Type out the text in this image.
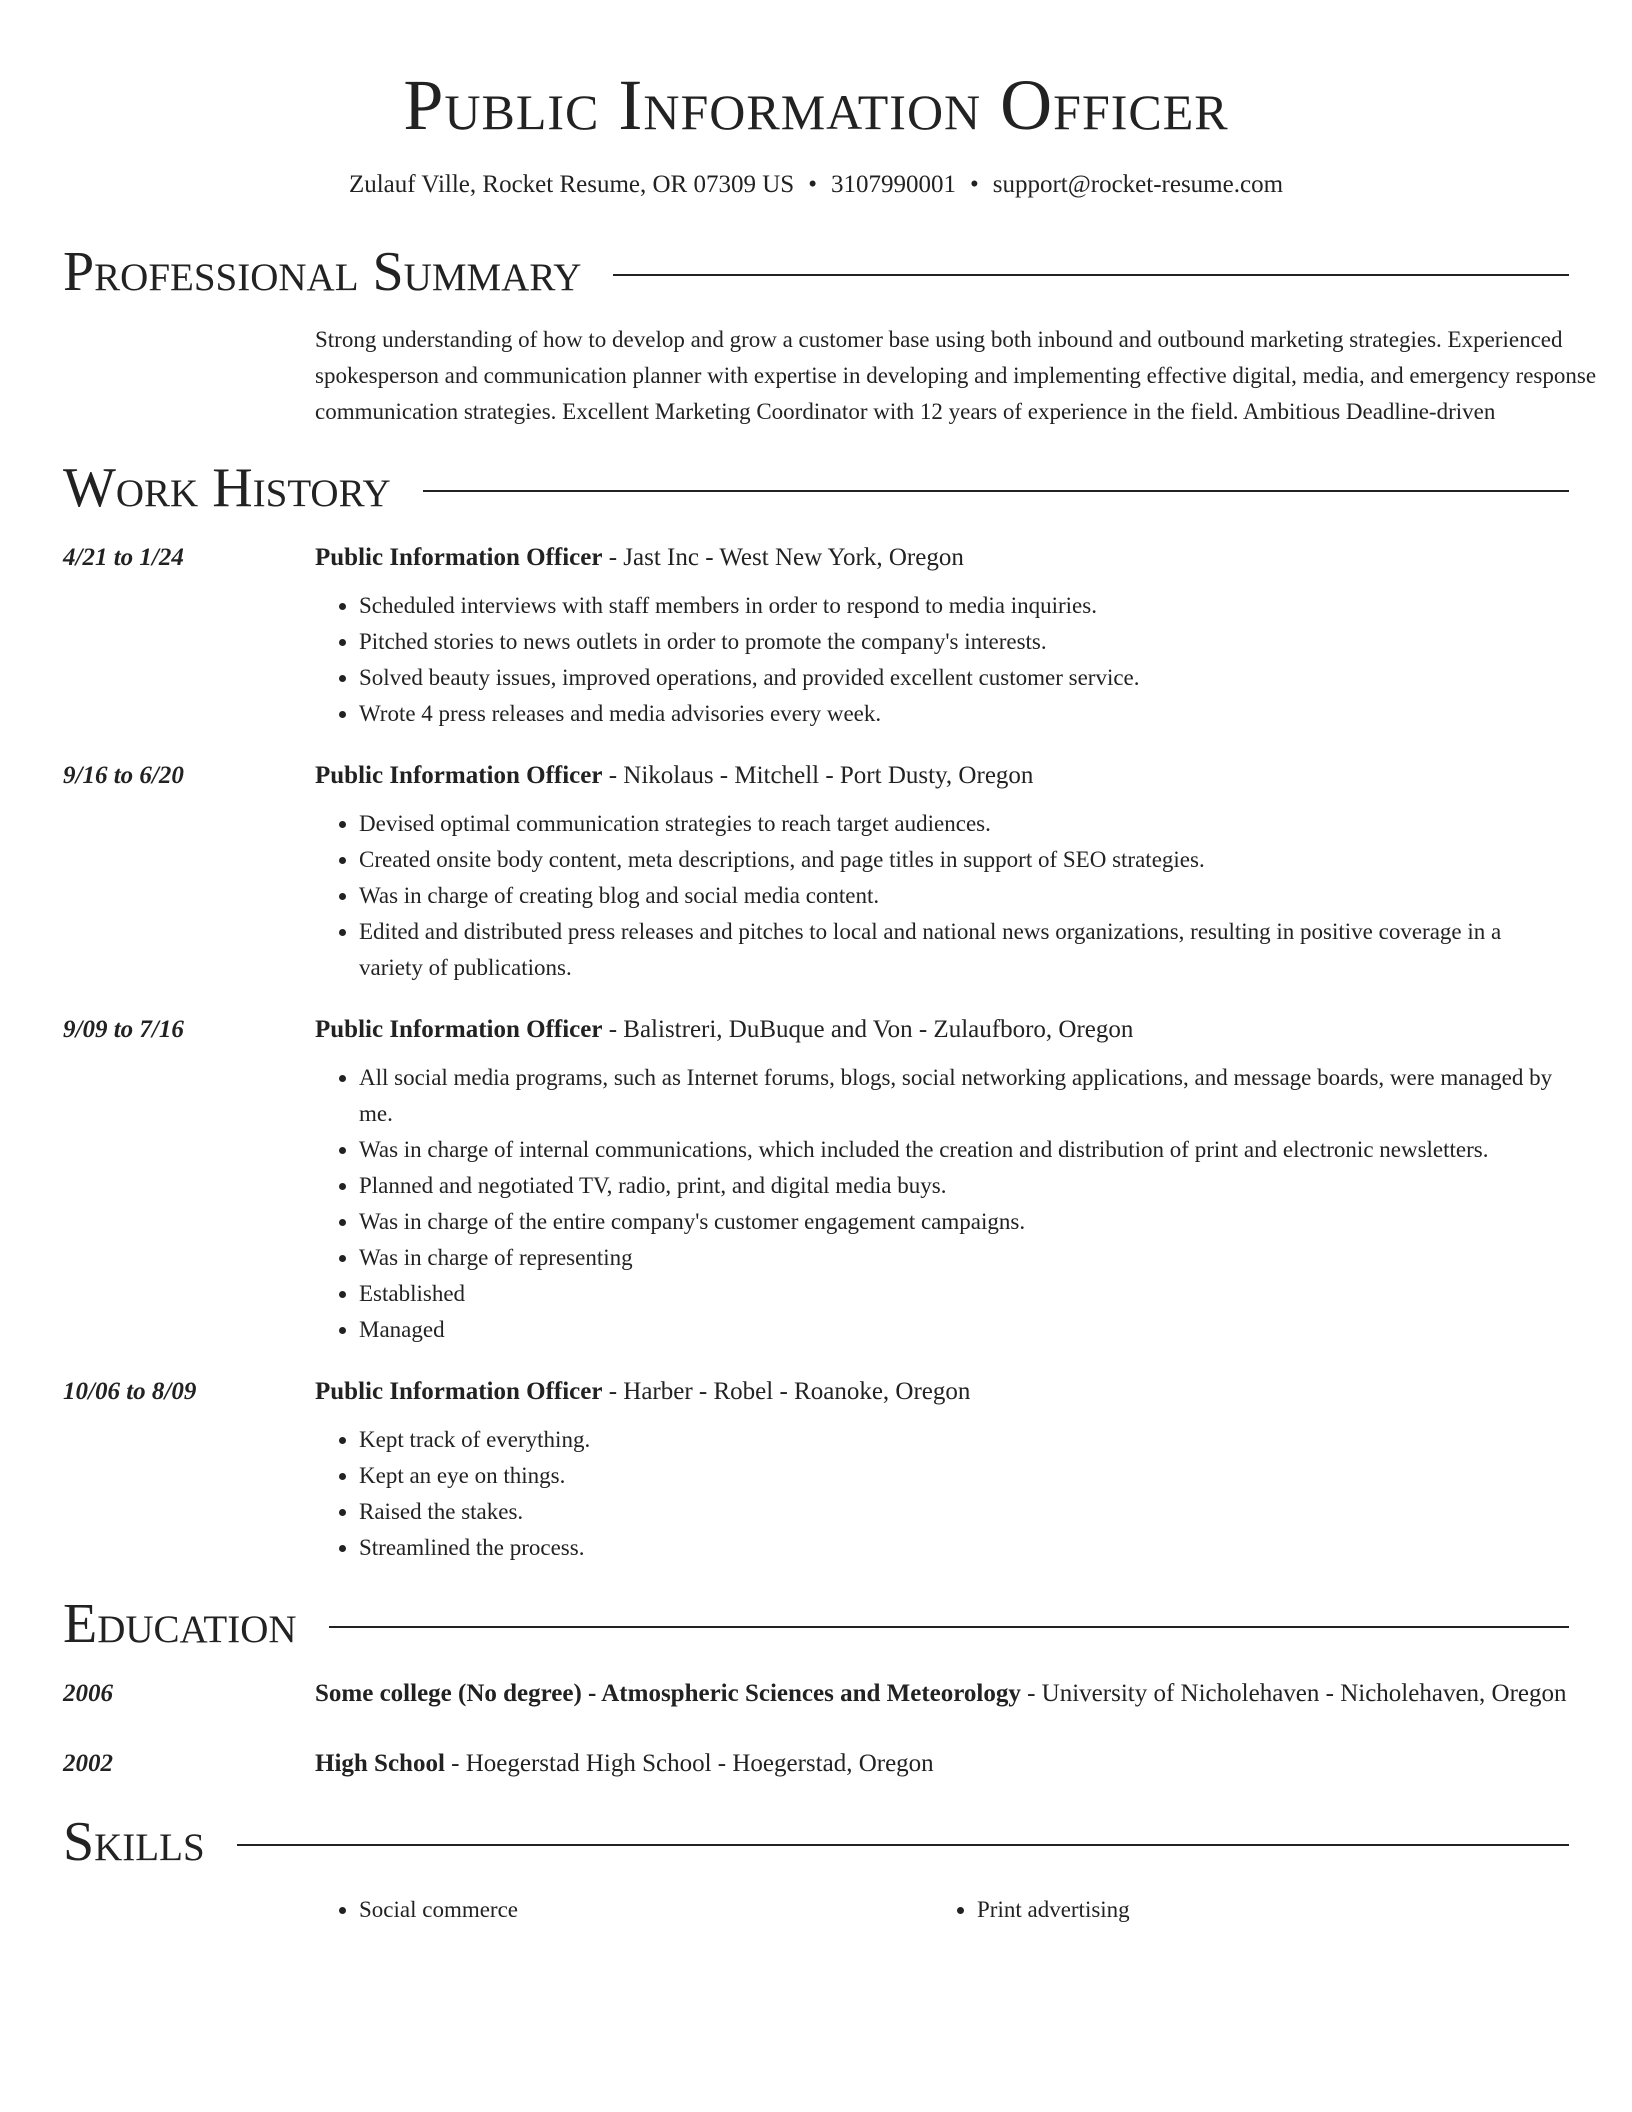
Public Information Officer
Zulauf Ville, Rocket Resume, OR 07309 US • 3107990001 • support@rocket-resume.com
Professional Summary
Strong understanding of how to develop and grow a customer base using both inbound and outbound marketing strategies. Experienced spokesperson and communication planner with expertise in developing and implementing effective digital, media, and emergency response communication strategies. Excellent Marketing Coordinator with 12 years of experience in the field. Ambitious Deadline-driven
Work History
4/21 to 1/24	Public Information Officer - Jast Inc - West New York, Oregon
• Scheduled interviews with staff members in order to respond to media inquiries.
• Pitched stories to news outlets in order to promote the company's interests.
• Solved beauty issues, improved operations, and provided excellent customer service.
• Wrote 4 press releases and media advisories every week.
9/16 to 6/20	Public Information Officer - Nikolaus - Mitchell - Port Dusty, Oregon
• Devised optimal communication strategies to reach target audiences.
• Created onsite body content, meta descriptions, and page titles in support of SEO strategies.
• Was in charge of creating blog and social media content.
• Edited and distributed press releases and pitches to local and national news organizations, resulting in positive coverage in a variety of publications.
9/09 to 7/16	Public Information Officer - Balistreri, DuBuque and Von - Zulaufboro, Oregon
• All social media programs, such as Internet forums, blogs, social networking applications, and message boards, were managed by me.
• Was in charge of internal communications, which included the creation and distribution of print and electronic newsletters.
• Planned and negotiated TV, radio, print, and digital media buys.
• Was in charge of the entire company's customer engagement campaigns.
• Was in charge of representing
• Established
• Managed
10/06 to 8/09	Public Information Officer - Harber - Robel - Roanoke, Oregon
• Kept track of everything.
• Kept an eye on things.
• Raised the stakes.
• Streamlined the process.
Education
2006	Some college (No degree) - Atmospheric Sciences and Meteorology - University of Nicholehaven - Nicholehaven, Oregon
2002	High School - Hoegerstad High School - Hoegerstad, Oregon
Skills
• Social commerce
•	Print advertising
